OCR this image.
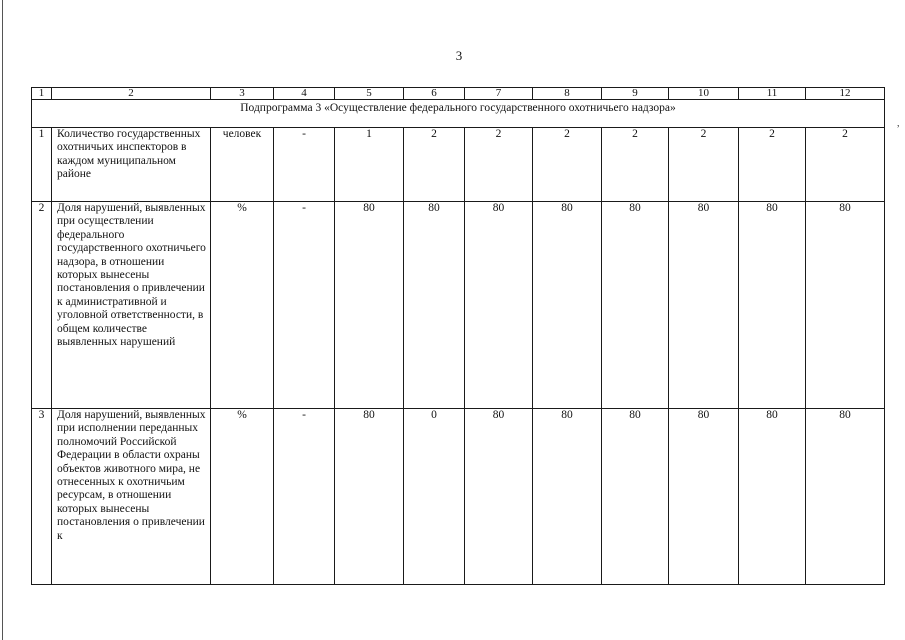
3
,
1	2	3	4	5	6	7	8	9	10	11	12
Подпрограмма 3 «Осуществление федерального государственного охотничьего надзора»											
1	Количество государственных охотничьих инспекторов в каждом муниципальном районе	человек	-	1	2	2	2	2	2	2	2
2	Доля нарушений, выявленных при осуществлении федерального государственного охотничьего надзора, в отношении которых вынесены постановления о привлечении к административной и уголовной ответственности, в общем количестве выявленных нарушений	%	-	80	80	80	80	80	80	80	80
3	Доля нарушений, выявленных при исполнении переданных полномочий Российской Федерации в области охраны объектов животного мира, не отнесенных к охотничьим ресурсам, в отношении которых вынесены постановления о привлечении к	%	-	80	0	80	80	80	80	80	80
